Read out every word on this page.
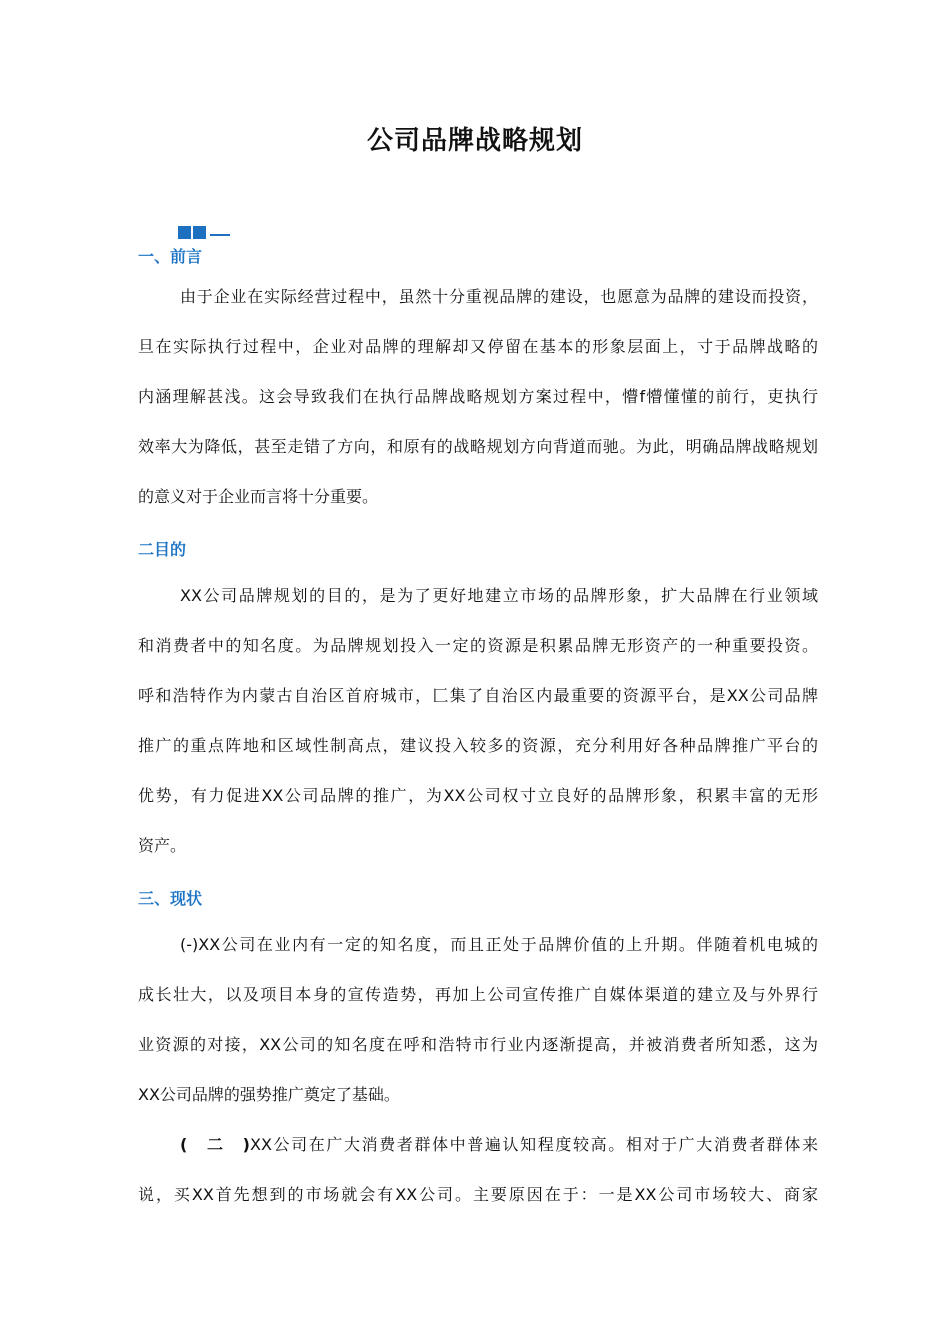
公司品牌战略规划
一、前言
由于企业在实际经营过程中，虽然十分重视品牌的建设，也愿意为品牌的建设而投资，
旦在实际执行过程中，企业对品牌的理解却又停留在基本的形象层面上，寸于品牌战略的
内涵理解甚浅。这会导致我们在执行品牌战略规划方案过程中，懵f懵懂懂的前行，吏执行
效率大为降低，甚至走错了方向，和原有的战略规划方向背道而驰。为此，明确品牌战略规划
的意义对于企业而言将十分重要。
二目的
XX公司品牌规划的目的，是为了更好地建立市场的品牌形象，扩大品牌在行业领域
和消费者中的知名度。为品牌规划投入一定的资源是积累品牌无形资产的一种重要投资。
呼和浩特作为内蒙古自治区首府城市，匚集了自治区内最重要的资源平台，是XX公司品牌
推广的重点阵地和区域性制高点，建议投入较多的资源，充分利用好各种品牌推广平台的
优势，有力促进XX公司品牌的推广，为XX公司权寸立良好的品牌形象，积累丰富的无形
资产。
三、现状
(-)XX公司在业内有一定的知名度，而且正处于品牌价值的上升期。伴随着机电城的
成长壮大，以及项目本身的宣传造势，再加上公司宣传推广自媒体渠道的建立及与外界行
业资源的对接，XX公司的知名度在呼和浩特市行业内逐渐提高，并被消费者所知悉，这为
XX公司品牌的强势推广奠定了基础。
(二)XX公司在广大消费者群体中普遍认知程度较高。相对于广大消费者群体来
说，买XX首先想到的市场就会有XX公司。主要原因在于：一是XX公司市场较大、商家
